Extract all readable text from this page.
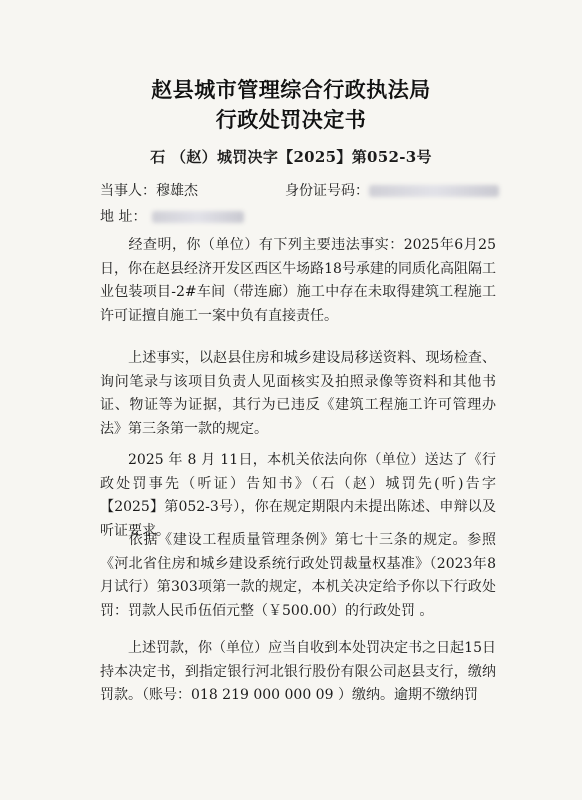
赵县城市管理综合行政执法局
行政处罚决定书
石 （赵）城罚决字【2025】第052-3号
当事人：穆雄杰	身份证号码：
地 址：
经查明，你（单位）有下列主要违法事实：2025年6月25日，你在赵县经济开发区西区牛场路18号承建的同质化高阻隔工业包装项目-2#车间（带连廊）施工中存在未取得建筑工程施工许可证擅自施工一案中负有直接责任。
上述事实，以赵县住房和城乡建设局移送资料、现场检查、询问笔录与该项目负责人见面核实及拍照录像等资料和其他书证、物证等为证据，其行为已违反《建筑工程施工许可管理办法》第三条第一款的规定。
2025 年 8 月 11日，本机关依法向你（单位）送达了《行政处罚事先（听证）告知书》（石（赵）城罚先(听)告字【2025】第052-3号），你在规定期限内未提出陈述、申辩以及听证要求。
依据《建设工程质量管理条例》第七十三条的规定。参照《河北省住房和城乡建设系统行政处罚裁量权基准》（2023年8月试行）第303项第一款的规定，本机关决定给予你以下行政处罚：罚款人民币伍佰元整（￥500.00）的行政处罚 。
上述罚款，你（单位）应当自收到本处罚决定书之日起15日持本决定书，到指定银行河北银行股份有限公司赵县支行，缴纳罚款。（账号：018 219 000 000 09 ）缴纳。逾期不缴纳罚
